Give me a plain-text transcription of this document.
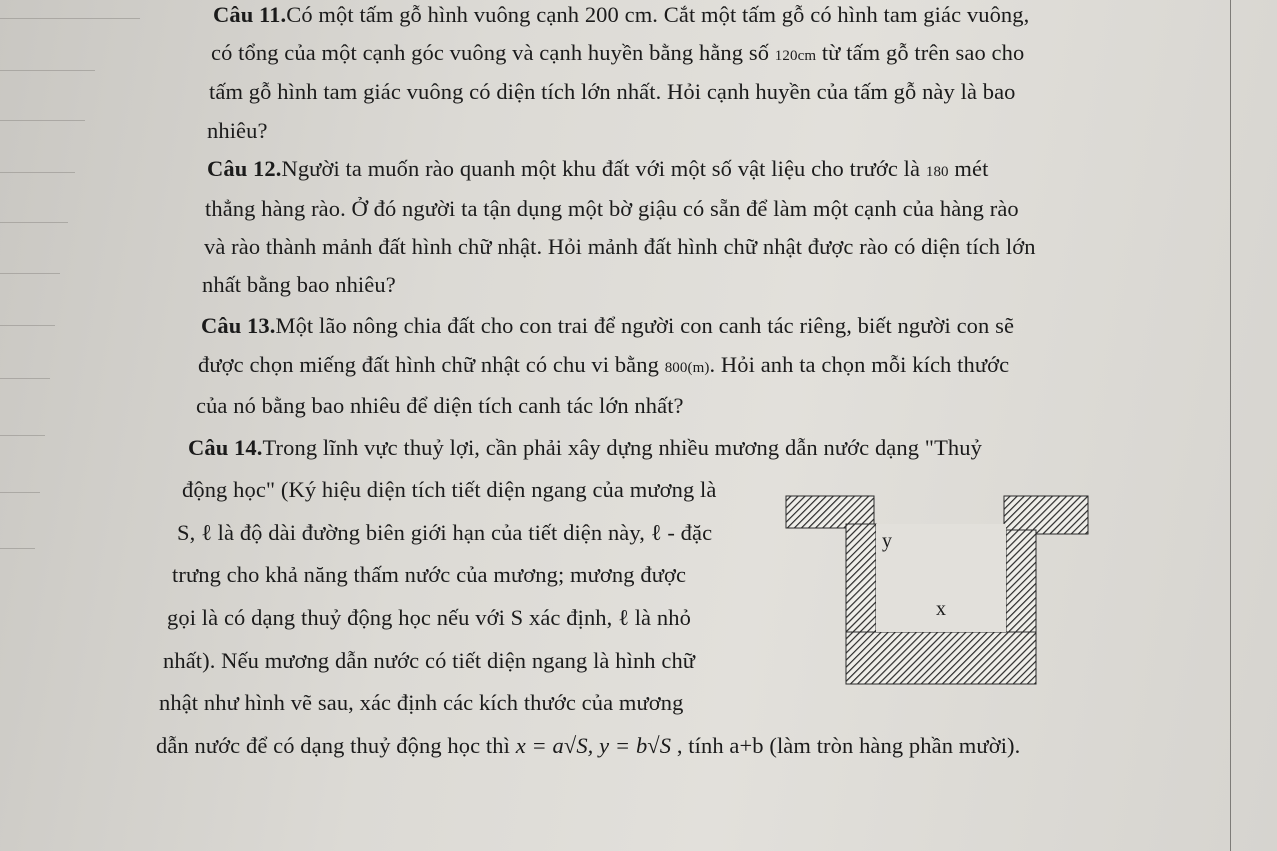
Câu 11.Có một tấm gỗ hình vuông cạnh 200 cm. Cắt một tấm gỗ có hình tam giác vuông,
có tổng của một cạnh góc vuông và cạnh huyền bằng hằng số 120cm từ tấm gỗ trên sao cho
tấm gỗ hình tam giác vuông có diện tích lớn nhất. Hỏi cạnh huyền của tấm gỗ này là bao
nhiêu?
Câu 12.Người ta muốn rào quanh một khu đất với một số vật liệu cho trước là 180 mét
thẳng hàng rào. Ở đó người ta tận dụng một bờ giậu có sẵn để làm một cạnh của hàng rào
và rào thành mảnh đất hình chữ nhật. Hỏi mảnh đất hình chữ nhật được rào có diện tích lớn
nhất bằng bao nhiêu?
Câu 13.Một lão nông chia đất cho con trai để người con canh tác riêng, biết người con sẽ
được chọn miếng đất hình chữ nhật có chu vi bằng 800(m). Hỏi anh ta chọn mỗi kích thước
của nó bằng bao nhiêu để diện tích canh tác lớn nhất?
Câu 14.Trong lĩnh vực thuỷ lợi, cần phải xây dựng nhiều mương dẫn nước dạng "Thuỷ
động học" (Ký hiệu diện tích tiết diện ngang của mương là
S, ℓ là độ dài đường biên giới hạn của tiết diện này, ℓ - đặc
trưng cho khả năng thấm nước của mương; mương được
gọi là có dạng thuỷ động học nếu với S xác định, ℓ là nhỏ
nhất). Nếu mương dẫn nước có tiết diện ngang là hình chữ
nhật như hình vẽ sau, xác định các kích thước của mương
dẫn nước để có dạng thuỷ động học thì x = a√S, y = b√S , tính a+b (làm tròn hàng phần mười).
y
x
